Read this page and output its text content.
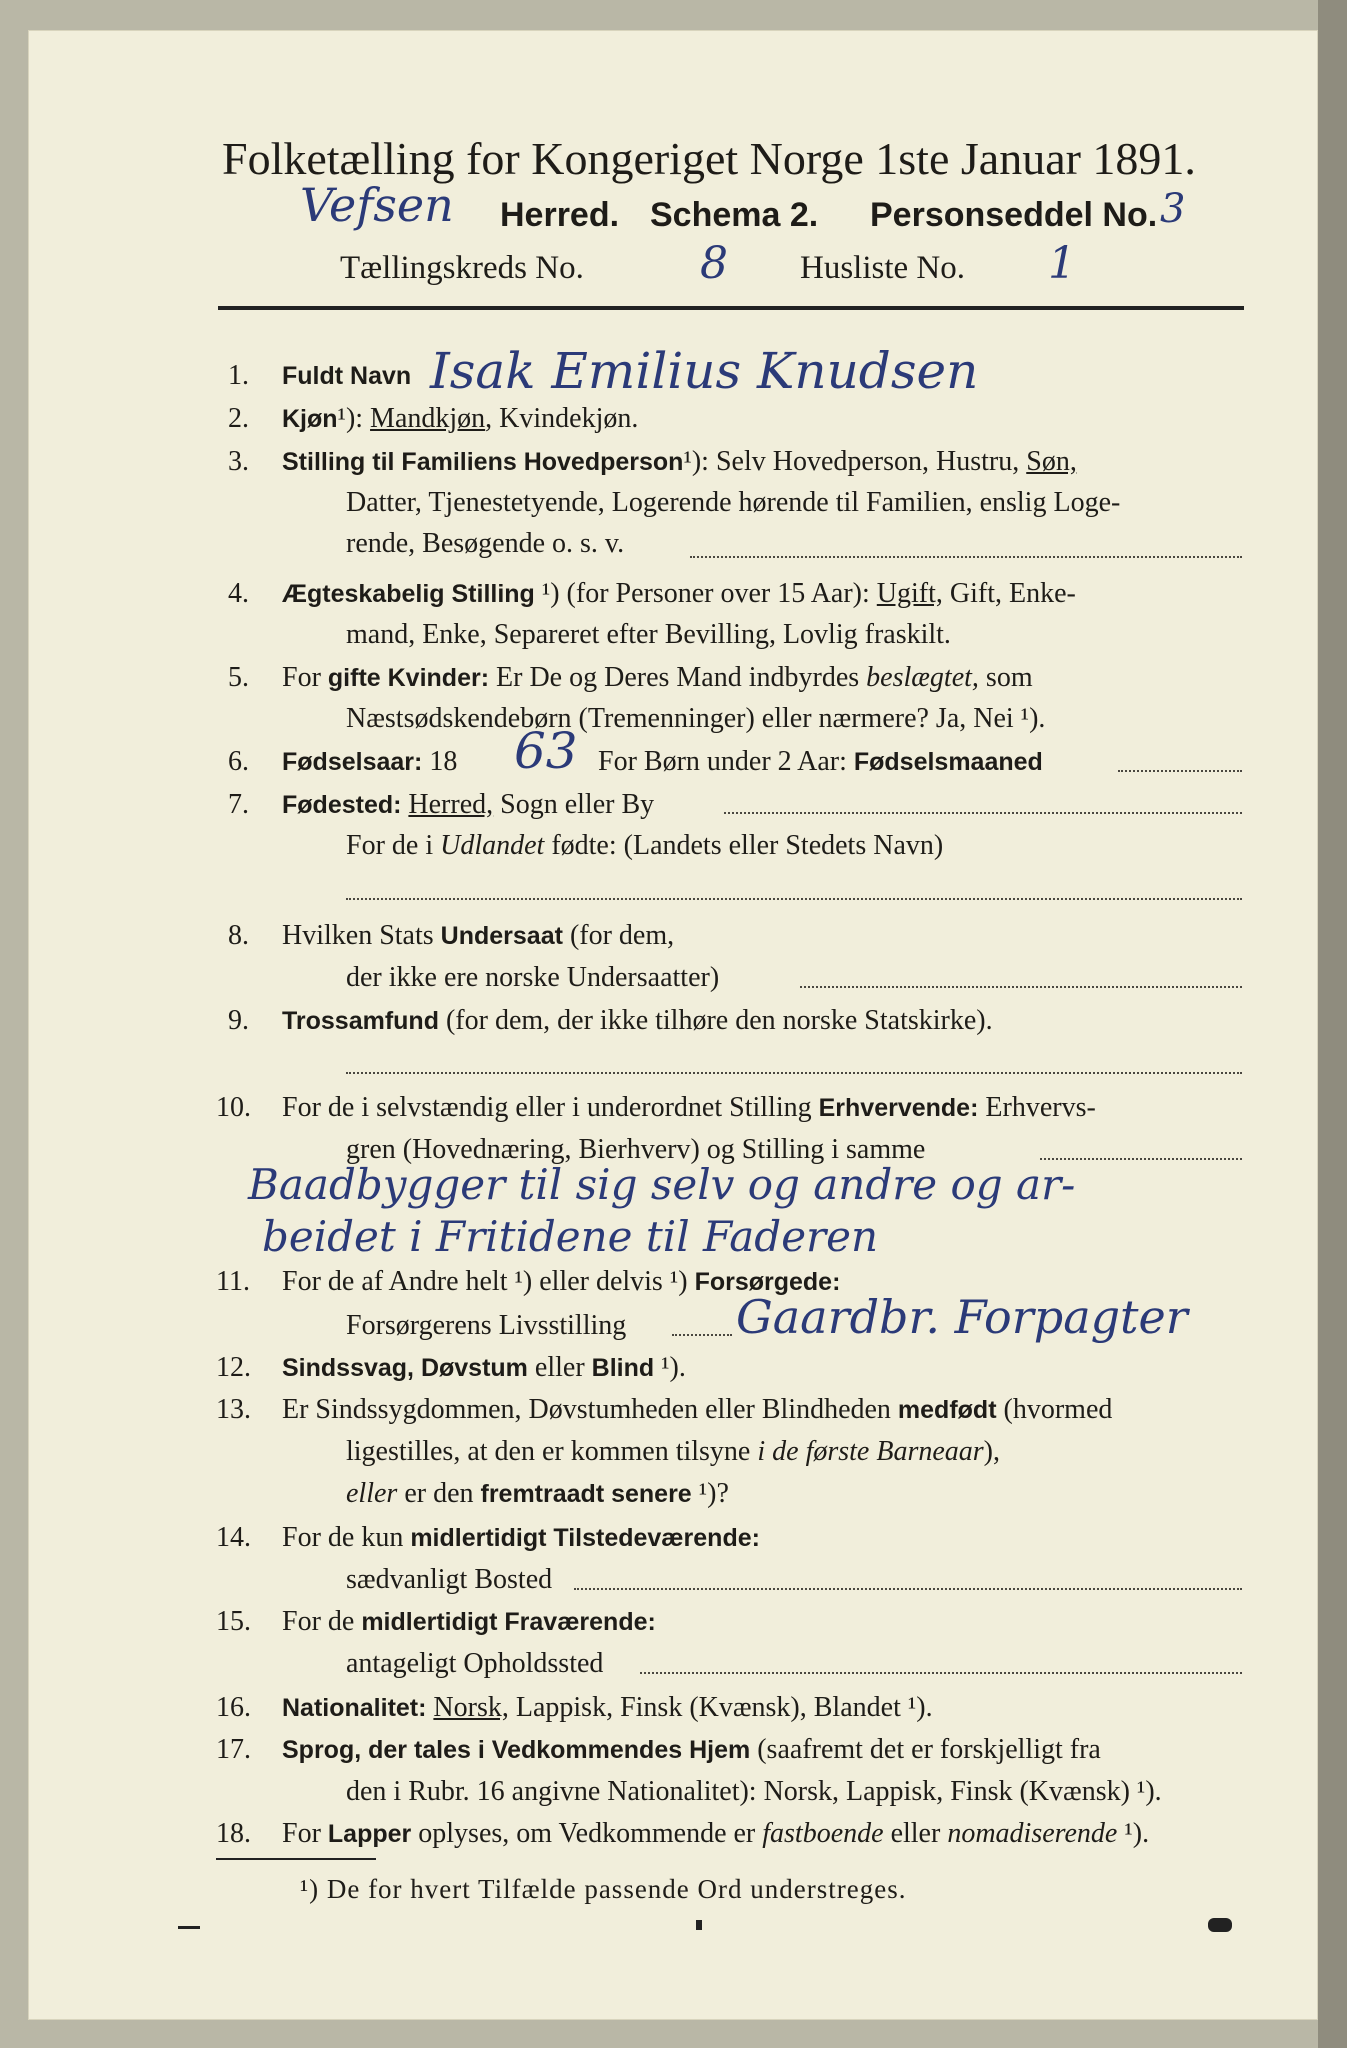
Folketælling for Kongeriget Norge 1ste Januar 1891.
Vefsen Herred. Schema 2. Personseddel No. 3
Tællingskreds No.	8 Husliste No. 1
1. Fuldt Navn Isak Emilius Knudsen
2. Kjøn¹): Mandkjøn, Kvindekjøn.
3. Stilling til Familiens Hovedperson¹): Selv Hovedperson, Hustru, Søn,
Datter, Tjenestetyende, Logerende hørende til Familien, enslig Loge-
rende, Besøgende o. s. v.
4. Ægteskabelig Stilling ¹) (for Personer over 15 Aar): Ugift, Gift, Enke-
mand, Enke, Separeret efter Bevilling, Lovlig fraskilt.
5. For gifte Kvinder: Er De og Deres Mand indbyrdes beslægtet, som
Næstsødskendebørn (Tremenninger) eller nærmere? Ja, Nei ¹).
6. Fødselsaar: 18 63 For Børn under 2 Aar: Fødselsmaaned
7. Fødested: Herred, Sogn eller By
For de i Udlandet fødte: (Landets eller Stedets Navn)
8. Hvilken Stats Undersaat (for dem,
der ikke ere norske Undersaatter)
9. Trossamfund (for dem, der ikke tilhøre den norske Statskirke).
10. For de i selvstændig eller i underordnet Stilling Erhvervende: Erhvervs-
gren (Hovednæring, Bierhverv) og Stilling i samme
Baadbygger til sig selv og andre og ar-
beidet i Fritidene til Faderen
11. For de af Andre helt ¹) eller delvis ¹) Forsørgede:
Forsørgerens Livsstilling Gaardbr. Forpagter
12. Sindssvag, Døvstum eller Blind ¹).
13. Er Sindssygdommen, Døvstumheden eller Blindheden medfødt (hvormed
ligestilles, at den er kommen tilsyne i de første Barneaar),
eller er den fremtraadt senere ¹)?
14. For de kun midlertidigt Tilstedeværende:
sædvanligt Bosted
15. For de midlertidigt Fraværende:
antageligt Opholdssted
16. Nationalitet: Norsk, Lappisk, Finsk (Kvænsk), Blandet ¹).
17. Sprog, der tales i Vedkommendes Hjem (saafremt det er forskjelligt fra
den i Rubr. 16 angivne Nationalitet): Norsk, Lappisk, Finsk (Kvænsk) ¹).
18. For Lapper oplyses, om Vedkommende er fastboende eller nomadiserende ¹).
¹) De for hvert Tilfælde passende Ord understreges.
